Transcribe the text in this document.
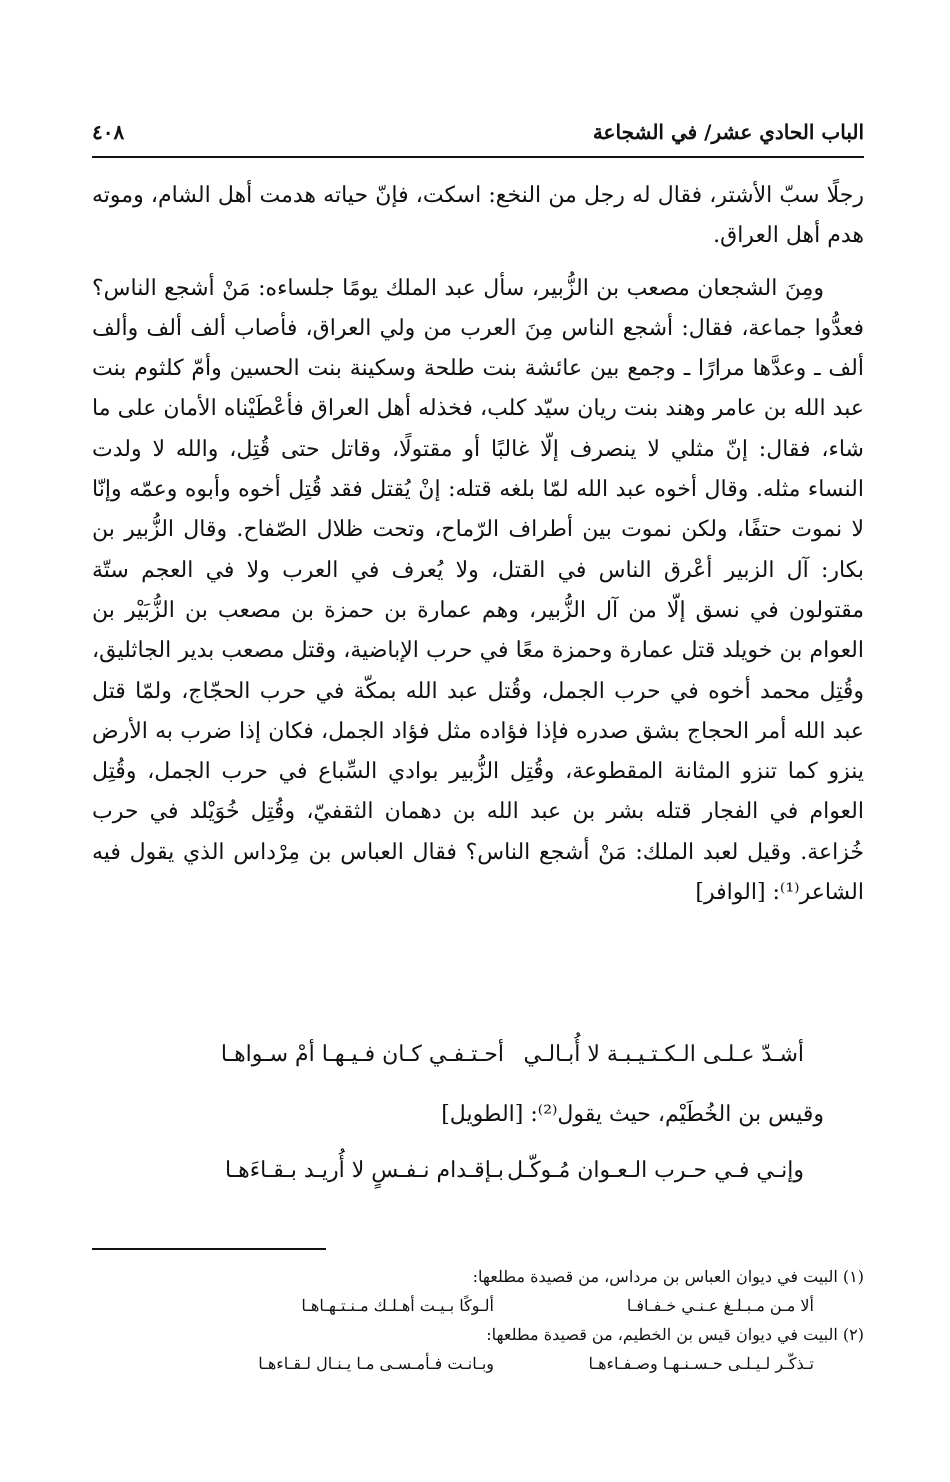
الباب الحادي عشر/ في الشجاعة
٤٠٨

رجلًا سبّ الأشتر، فقال له رجل من النخع: اسكت، فإنّ حياته هدمت أهل الشام، وموته هدم أهل العراق.

ومِنَ الشجعان مصعب بن الزُّبير، سأل عبد الملك يومًا جلساءه: مَنْ أشجع الناس؟ فعدُّوا جماعة، فقال: أشجع الناس مِنَ العرب من ولي العراق، فأصاب ألف ألف وألف ألف ـ وعدَّها مرارًا ـ وجمع بين عائشة بنت طلحة وسكينة بنت الحسين وأمّ كلثوم بنت عبد الله بن عامر وهند بنت ريان سيّد كلب، فخذله أهل العراق فأعْطَيْناه الأمان على ما شاء، فقال: إنّ مثلي لا ينصرف إلّا غالبًا أو مقتولًا، وقاتل حتى قُتِل، والله لا ولدت النساء مثله. وقال أخوه عبد الله لمّا بلغه قتله: إنْ يُقتل فقد قُتِل أخوه وأبوه وعمّه وإنّا لا نموت حتفًا، ولكن نموت بين أطراف الرّماح، وتحت ظلال الصّفاح. وقال الزُّبير بن بكار: آل الزبير أعْرق الناس في القتل، ولا يُعرف في العرب ولا في العجم ستّة مقتولون في نسق إلّا من آل الزُّبير، وهم عمارة بن حمزة بن مصعب بن الزُّبَيْر بن العوام بن خويلد قتل عمارة وحمزة معًا في حرب الإباضية، وقتل مصعب بدير الجاثليق، وقُتِل محمد أخوه في حرب الجمل، وقُتل عبد الله بمكّة في حرب الحجّاج، ولمّا قتل عبد الله أمر الحجاج بشق صدره فإذا فؤاده مثل فؤاد الجمل، فكان إذا ضرب به الأرض ينزو كما تنزو المثانة المقطوعة، وقُتِل الزُّبير بوادي السِّباع في حرب الجمل، وقُتِل العوام في الفجار قتله بشر بن عبد الله بن دهمان الثقفيّ، وقُتِل خُوَيْلد في حرب خُزاعة. وقيل لعبد الملك: مَنْ أشجع الناس؟ فقال العباس بن مِرْداس الذي يقول فيه الشاعر⁽¹⁾: [الوافر]

أشـدّ عـلـى الـكـتـيـبـة لا أُبـالـي
أحـتـفـي كـان فـيـهـا أمْ سـواهـا
وقيس بن الخُطَيْم، حيث يقول⁽²⁾: [الطويل]
وإنـي فـي حـرب الـعـوان مُـوكّـل
بـإقـدام نـفـسٍ لا أُريـد بـقـاءَهـا
(١) البيت في ديوان العباس بن مرداس، من قصيدة مطلعها:
ألا مـن مـبـلـغ عـنـي خـفـافـا
ألـوكًا بـيـت أهـلـك مـنـتـهـاهـا
(٢) البيت في ديوان قيس بن الخطيم، من قصيدة مطلعها:
تـذكّـر لـيـلـى حـسـنـهـا وصـفـاءهـا
وبـانـت فـأمـسـى مـا يـنـال لـقـاءهـا
